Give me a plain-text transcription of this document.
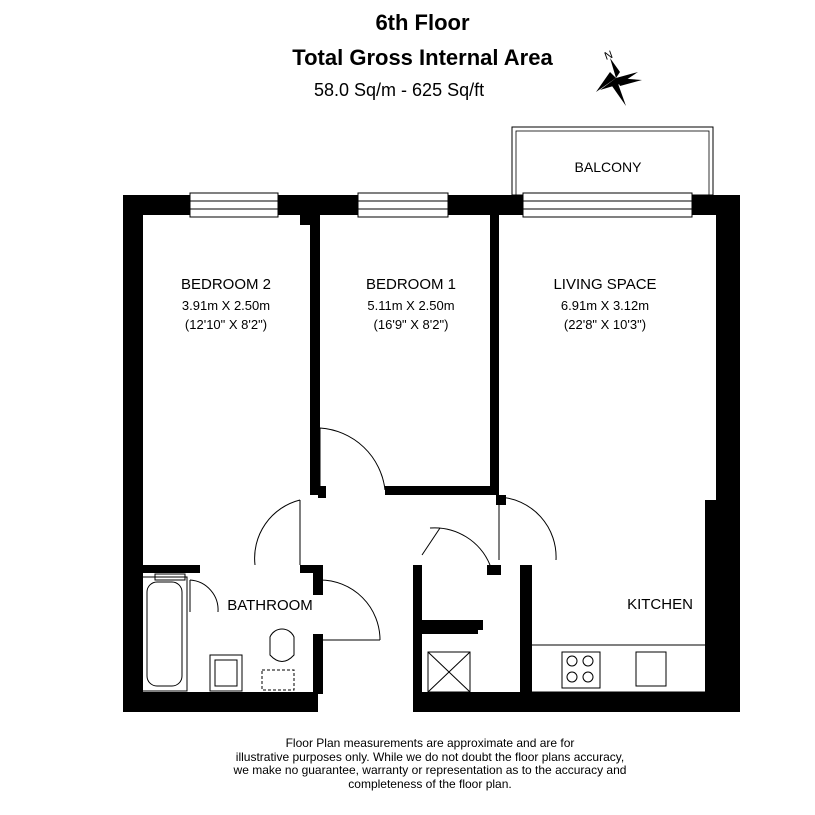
6th Floor
Total Gross Internal Area
58.0 Sq/m - 625 Sq/ft
N
BEDROOM 2
3.91m X 2.50m
(12'10" X 8'2")
BEDROOM 1
5.11m X 2.50m
(16'9" X 8'2")
LIVING SPACE
6.91m X 3.12m
(22'8" X 10'3")
BALCONY
BATHROOM	KITCHEN
Floor Plan measurements are approximate and are for
illustrative purposes only. While we do not doubt the floor plans accuracy,
we make no guarantee, warranty or representation as to the accuracy and
completeness of the floor plan.
